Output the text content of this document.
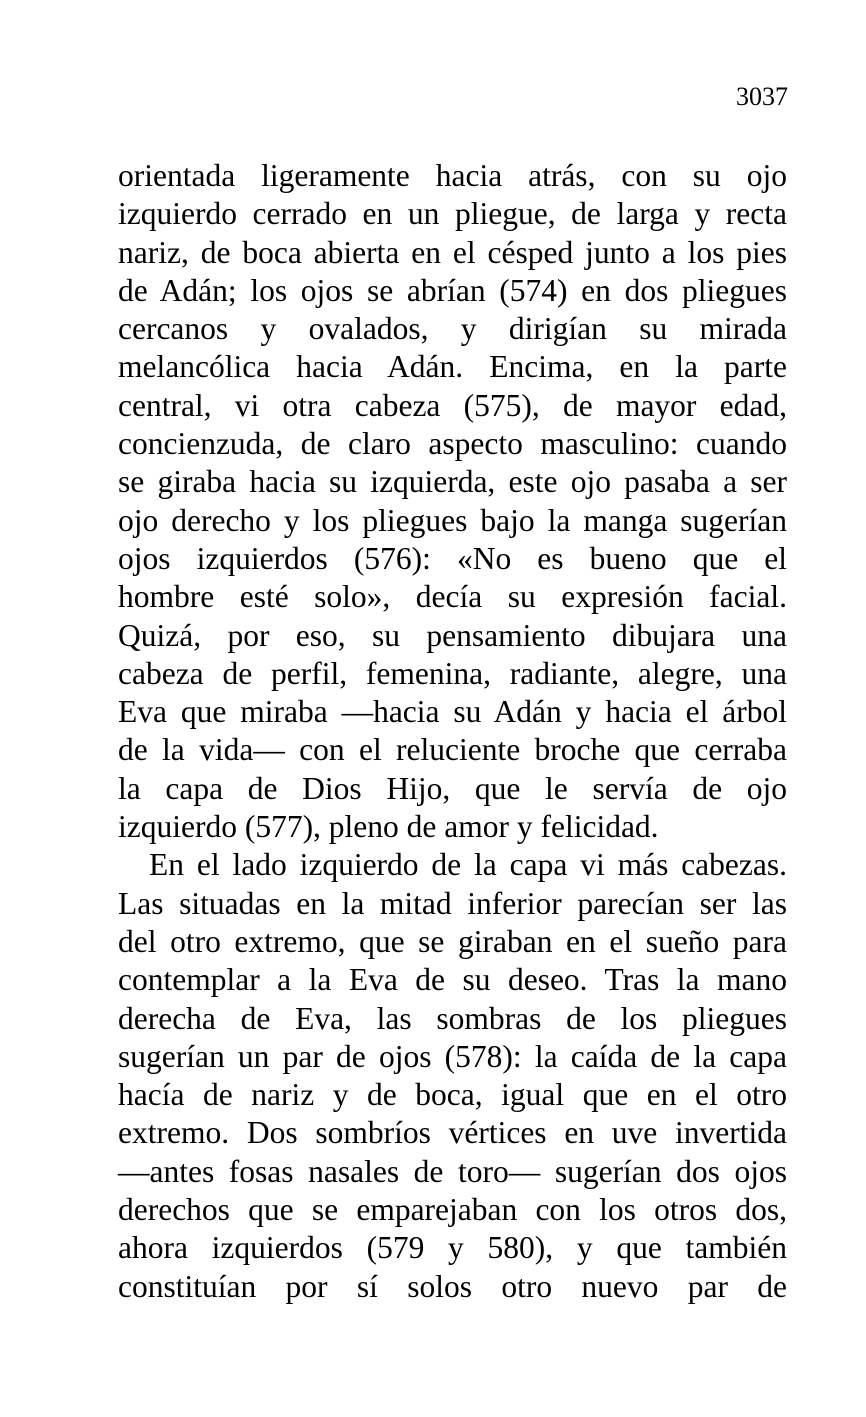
3037
orientada ligeramente hacia atrás, con su ojo
izquierdo cerrado en un pliegue, de larga y recta
nariz, de boca abierta en el césped junto a los pies
de Adán; los ojos se abrían (574) en dos pliegues
cercanos y ovalados, y dirigían su mirada
melancólica hacia Adán. Encima, en la parte
central, vi otra cabeza (575), de mayor edad,
concienzuda, de claro aspecto masculino: cuando
se giraba hacia su izquierda, este ojo pasaba a ser
ojo derecho y los pliegues bajo la manga sugerían
ojos izquierdos (576): «No es bueno que el
hombre esté solo», decía su expresión facial.
Quizá, por eso, su pensamiento dibujara una
cabeza de perfil, femenina, radiante, alegre, una
Eva que miraba —hacia su Adán y hacia el árbol
de la vida— con el reluciente broche que cerraba
la capa de Dios Hijo, que le servía de ojo
izquierdo (577), pleno de amor y felicidad.
En el lado izquierdo de la capa vi más cabezas.
Las situadas en la mitad inferior parecían ser las
del otro extremo, que se giraban en el sueño para
contemplar a la Eva de su deseo. Tras la mano
derecha de Eva, las sombras de los pliegues
sugerían un par de ojos (578): la caída de la capa
hacía de nariz y de boca, igual que en el otro
extremo. Dos sombríos vértices en uve invertida
—antes fosas nasales de toro— sugerían dos ojos
derechos que se emparejaban con los otros dos,
ahora izquierdos (579 y 580), y que también
constituían por sí solos otro nuevo par de
